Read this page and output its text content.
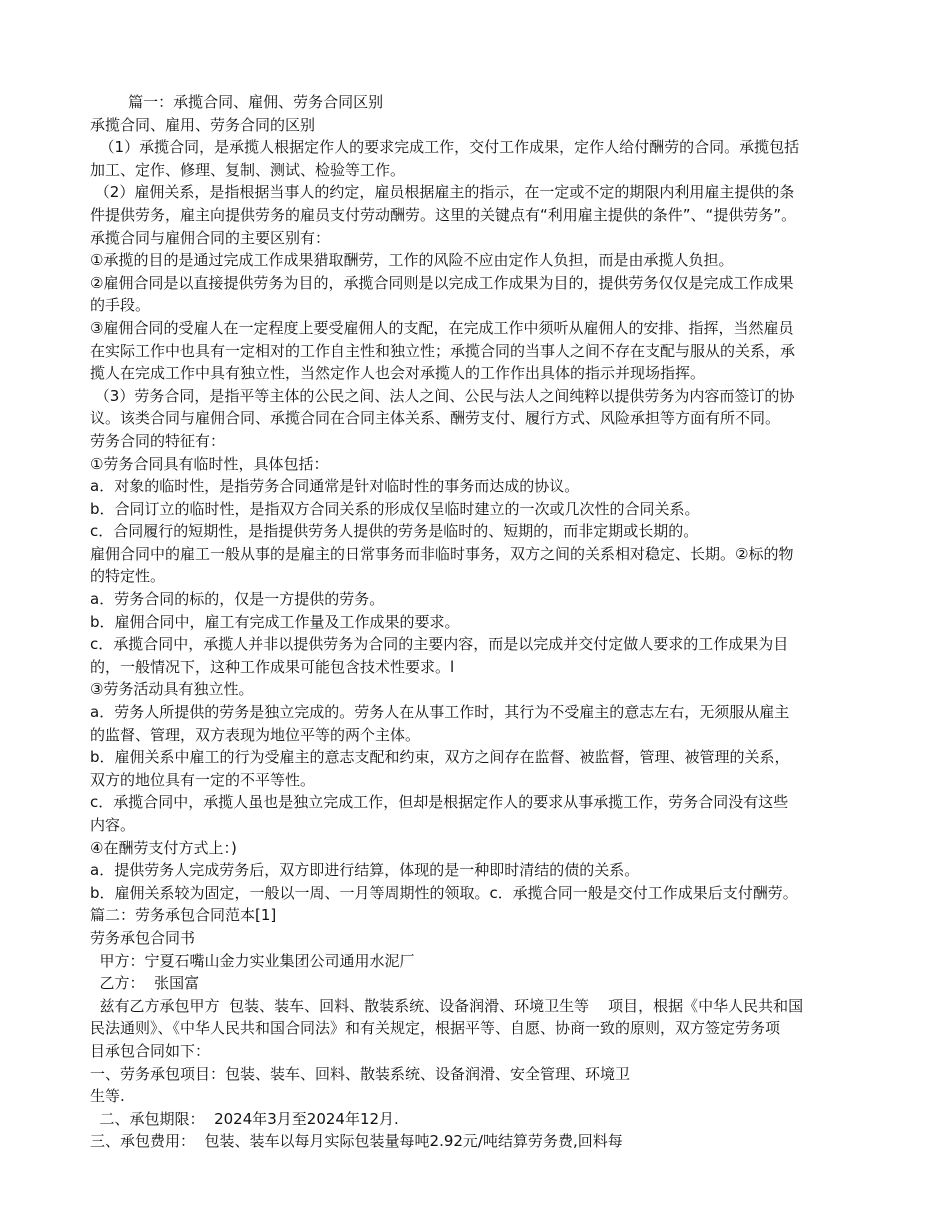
篇一：承揽合同、雇佣、劳务合同区别

承揽合同、雇用、劳务合同的区别

（1）承揽合同，是承揽人根据定作人的要求完成工作，交付工作成果，定作人给付酬劳的合同。承揽包括

加工、定作、修理、复制、测试、检验等工作。

（2）雇佣关系，是指根据当事人的约定，雇员根据雇主的指示，在一定或不定的期限内利用雇主提供的条

件提供劳务，雇主向提供劳务的雇员支付劳动酬劳。这里的关键点有“利用雇主提供的条件”、“提供劳务”。

承揽合同与雇佣合同的主要区别有：

①承揽的目的是通过完成工作成果猎取酬劳，工作的风险不应由定作人负担，而是由承揽人负担。

②雇佣合同是以直接提供劳务为目的，承揽合同则是以完成工作成果为目的，提供劳务仅仅是完成工作成果

的手段。

③雇佣合同的受雇人在一定程度上要受雇佣人的支配，在完成工作中须听从雇佣人的安排、指挥，当然雇员

在实际工作中也具有一定相对的工作自主性和独立性；承揽合同的当事人之间不存在支配与服从的关系，承

揽人在完成工作中具有独立性，当然定作人也会对承揽人的工作作出具体的指示并现场指挥。

（3）劳务合同，是指平等主体的公民之间、法人之间、公民与法人之间纯粹以提供劳务为内容而签订的协

议。该类合同与雇佣合同、承揽合同在合同主体关系、酬劳支付、履行方式、风险承担等方面有所不同。

劳务合同的特征有：

①劳务合同具有临时性，具体包括：

a．对象的临时性，是指劳务合同通常是针对临时性的事务而达成的协议。

b．合同订立的临时性，是指双方合同关系的形成仅呈临时建立的一次或几次性的合同关系。

c．合同履行的短期性，是指提供劳务人提供的劳务是临时的、短期的，而非定期或长期的。

雇佣合同中的雇工一般从事的是雇主的日常事务而非临时事务，双方之间的关系相对稳定、长期。②标的物

的特定性。

a．劳务合同的标的，仅是一方提供的劳务。

b．雇佣合同中，雇工有完成工作量及工作成果的要求。

c．承揽合同中，承揽人并非以提供劳务为合同的主要内容，而是以完成并交付定做人要求的工作成果为目

的，一般情况下，这种工作成果可能包含技术性要求。l

③劳务活动具有独立性。

a．劳务人所提供的劳务是独立完成的。劳务人在从事工作时，其行为不受雇主的意志左右，无须服从雇主

的监督、管理，双方表现为地位平等的两个主体。

b．雇佣关系中雇工的行为受雇主的意志支配和约束，双方之间存在监督、被监督，管理、被管理的关系，

双方的地位具有一定的不平等性。

c．承揽合同中，承揽人虽也是独立完成工作，但却是根据定作人的要求从事承揽工作，劳务合同没有这些

内容。

④在酬劳支付方式上：)

a．提供劳务人完成劳务后，双方即进行结算，体现的是一种即时清结的债的关系。

b．雇佣关系较为固定，一般以一周、一月等周期性的领取。c．承揽合同一般是交付工作成果后支付酬劳。

篇二：劳务承包合同范本[1]

劳务承包合同书

甲方：宁夏石嘴山金力实业集团公司通用水泥厂

乙方：  张国富

兹有乙方承包甲方  包装、装车、回料、散装系统、设备润滑、环境卫生等    项目，根据《中华人民共和国

民法通则》、《中华人民共和国合同法》和有关规定，根据平等、自愿、协商一致的原则，双方签定劳务项

目承包合同如下：

一、劳务承包项目：包装、装车、回料、散装系统、设备润滑、安全管理、环境卫

生等.

二、承包期限：  2024年3月至2024年12月.

三、承包费用：  包装、装车以每月实际包装量每吨2.92元/吨结算劳务费,回料每
